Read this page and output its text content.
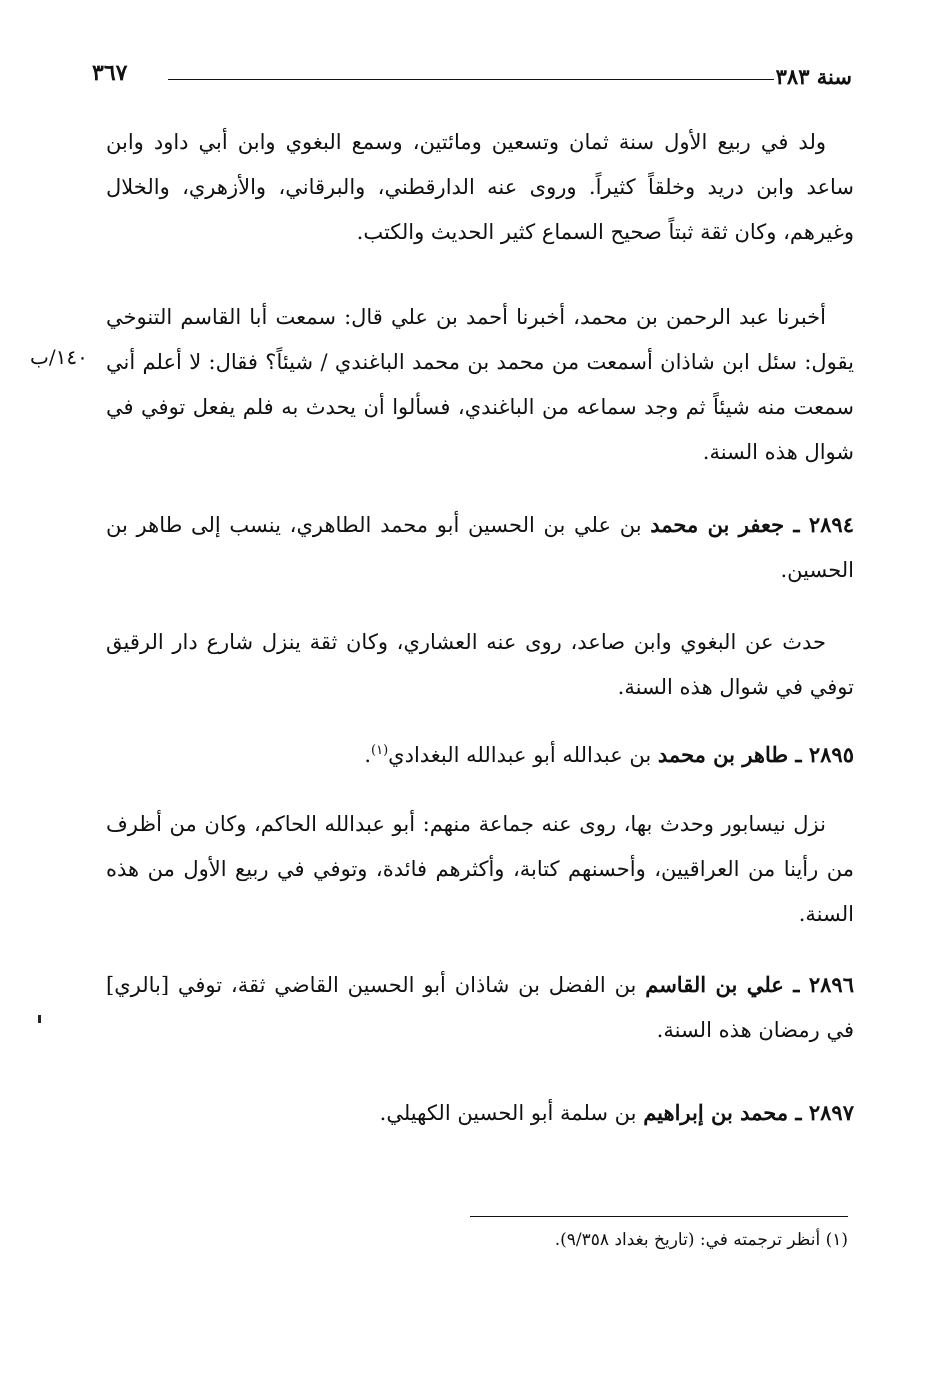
سنة ٣٨٣
٣٦٧
١٤٠/ب

ولد في ربيع الأول سنة ثمان وتسعين ومائتين، وسمع البغوي وابن أبي داود وابن ساعد وابن دريد وخلقاً كثيراً. وروى عنه الدارقطني، والبرقاني، والأزهري، والخلال وغيرهم، وكان ثقة ثبتاً صحيح السماع كثير الحديث والكتب.

أخبرنا عبد الرحمن بن محمد، أخبرنا أحمد بن علي قال: سمعت أبا القاسم التنوخي يقول: سئل ابن شاذان أسمعت من محمد بن محمد الباغندي / شيئاً؟ فقال: لا أعلم أني سمعت منه شيئاً ثم وجد سماعه من الباغندي، فسألوا أن يحدث به فلم يفعل توفي في شوال هذه السنة.

٢٨٩٤ ـ جعفر بن محمد بن علي بن الحسين أبو محمد الطاهري، ينسب إلى طاهر بن الحسين.

حدث عن البغوي وابن صاعد، روى عنه العشاري، وكان ثقة ينزل شارع دار الرقيق توفي في شوال هذه السنة.

٢٨٩٥ ـ طاهر بن محمد بن عبدالله أبو عبدالله البغدادي$^{(١)}$.

نزل نيسابور وحدث بها، روى عنه جماعة منهم: أبو عبدالله الحاكم، وكان من أظرف من رأينا من العراقيين، وأحسنهم كتابة، وأكثرهم فائدة، وتوفي في ربيع الأول من هذه السنة.

٢٨٩٦ ـ علي بن القاسم بن الفضل بن شاذان أبو الحسين القاضي ثقة، توفي [بالري] في رمضان هذه السنة.

٢٨٩٧ ـ محمد بن إبراهيم بن سلمة أبو الحسين الكهيلي.

(١) أنظر ترجمته في: (تاريخ بغداد ٩/٣٥٨).
